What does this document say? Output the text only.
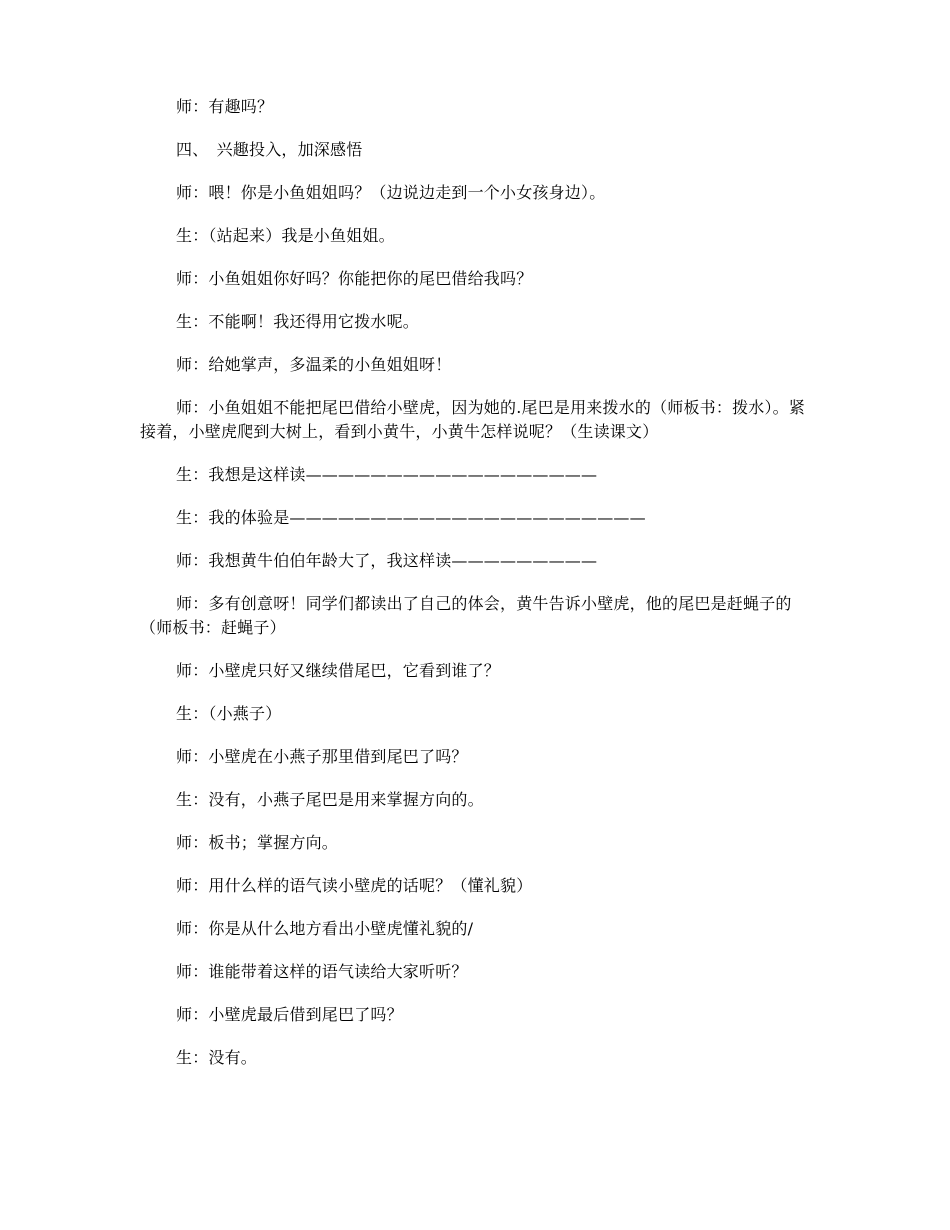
师：有趣吗？

四、　兴趣投入，加深感悟

师：喂！你是小鱼姐姐吗？（边说边走到一个小女孩身边）。

生：（站起来）我是小鱼姐姐。

师：小鱼姐姐你好吗？你能把你的尾巴借给我吗？

生：不能啊！我还得用它拨水呢。

师：给她掌声，多温柔的小鱼姐姐呀！

师：小鱼姐姐不能把尾巴借给小壁虎，因为她的.尾巴是用来拨水的（师板书：拨水）。紧接着，小壁虎爬到大树上，看到小黄牛，小黄牛怎样说呢？（生读课文）

生：我想是这样读——————————————————

生：我的体验是——————————————————————

师：我想黄牛伯伯年龄大了，我这样读—————————

师：多有创意呀！同学们都读出了自己的体会，黄牛告诉小壁虎，他的尾巴是赶蝇子的（师板书：赶蝇子）

师：小壁虎只好又继续借尾巴，它看到谁了？

生：（小燕子）

师：小壁虎在小燕子那里借到尾巴了吗？

生：没有，小燕子尾巴是用来掌握方向的。

师：板书；掌握方向。

师：用什么样的语气读小壁虎的话呢？（懂礼貌）

师：你是从什么地方看出小壁虎懂礼貌的/

师：谁能带着这样的语气读给大家听听？

师：小壁虎最后借到尾巴了吗？

生：没有。
